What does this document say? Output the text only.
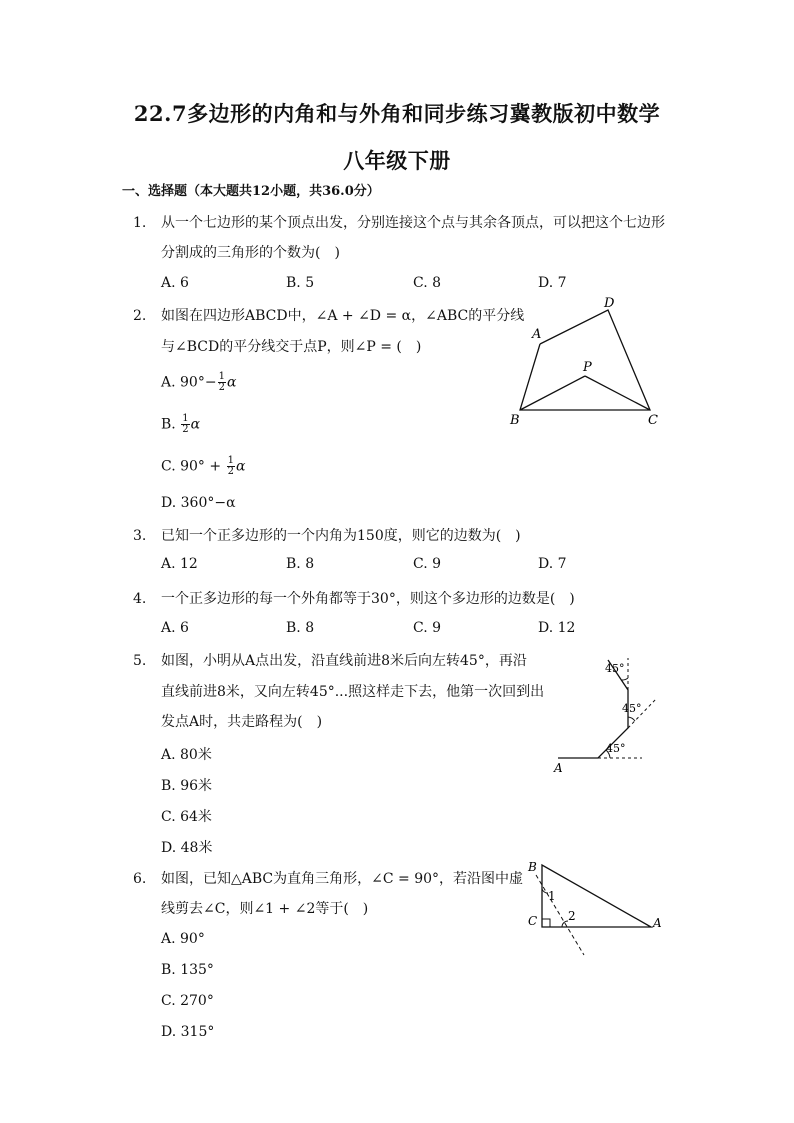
22.7多边形的内角和与外角和同步练习冀教版初中数学
八年级下册
一、选择题（本大题共12小题，共36.0分）
1. 从一个七边形的某个顶点出发，分别连接这个点与其余各顶点，可以把这个七边形
分割成的三角形的个数为(　)
A. 6	B. 5	C. 8	D. 7
2. 如图在四边形ABCD中，∠A + ∠D = α，∠ABC的平分线
与∠BCD的平分线交于点P，则∠P = (　)
A. $90^\circ- \frac{1}{2}$ α
B. $\frac{1}{2}$ α
C. $90^\circ + \frac{1}{2}$ α
D. 360°−α
A
B	C
D
P
3. 已知一个正多边形的一个内角为150度，则它的边数为(　)
A. 12	B. 8	C. 9	D. 7
4. 一个正多边形的每一个外角都等于30°，则这个多边形的边数是(　)
A. 6	B. 8	C. 9	D. 12
5. 如图，小明从A点出发，沿直线前进8米后向左转45°，再沿
直线前进8米，又向左转45°...照这样走下去，他第一次回到出
发点A时，共走路程为(　)
A. 80米
B. 96米
C. 64米
D. 48米
45°
45°
45°
A
6. 如图，已知△ABC为直角三角形，∠C = 90°，若沿图中虚
线剪去∠C，则∠1 + ∠2等于(　)
A. 90°
B. 135°
C. 270°
D. 315°
B
C	A
1
2
